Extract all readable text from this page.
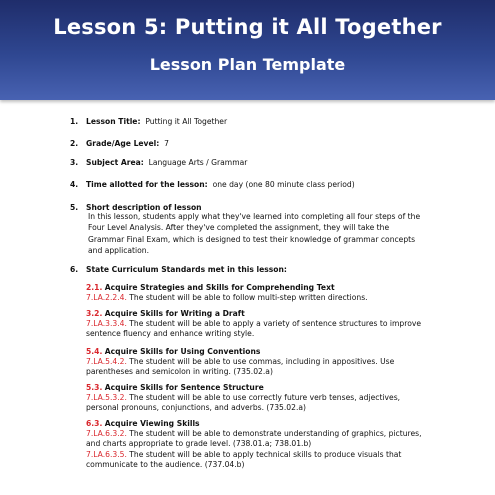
Lesson 5: Putting it All Together
Lesson Plan Template
1. Lesson Title: Putting it All Together
2. Grade/Age Level: 7
3. Subject Area: Language Arts / Grammar
4. Time allotted for the lesson: one day (one 80 minute class period)
5. Short description of lesson
In this lesson, students apply what they've learned into completing all four steps of the
Four Level Analysis. After they've completed the assignment, they will take the
Grammar Final Exam, which is designed to test their knowledge of grammar concepts
and application.
6. State Curriculum Standards met in this lesson:
2.1. Acquire Strategies and Skills for Comprehending Text
7.LA.2.2.4. The student will be able to follow multi-step written directions.
3.2. Acquire Skills for Writing a Draft
7.LA.3.3.4. The student will be able to apply a variety of sentence structures to improve
sentence fluency and enhance writing style.
5.4. Acquire Skills for Using Conventions
7.LA.5.4.2. The student will be able to use commas, including in appositives. Use
parentheses and semicolon in writing. (735.02.a)
5.3. Acquire Skills for Sentence Structure
7.LA.5.3.2. The student will be able to use correctly future verb tenses, adjectives,
personal pronouns, conjunctions, and adverbs. (735.02.a)
6.3. Acquire Viewing Skills
7.LA.6.3.2. The student will be able to demonstrate understanding of graphics, pictures,
and charts appropriate to grade level. (738.01.a; 738.01.b)
7.LA.6.3.5. The student will be able to apply technical skills to produce visuals that
communicate to the audience. (737.04.b)
